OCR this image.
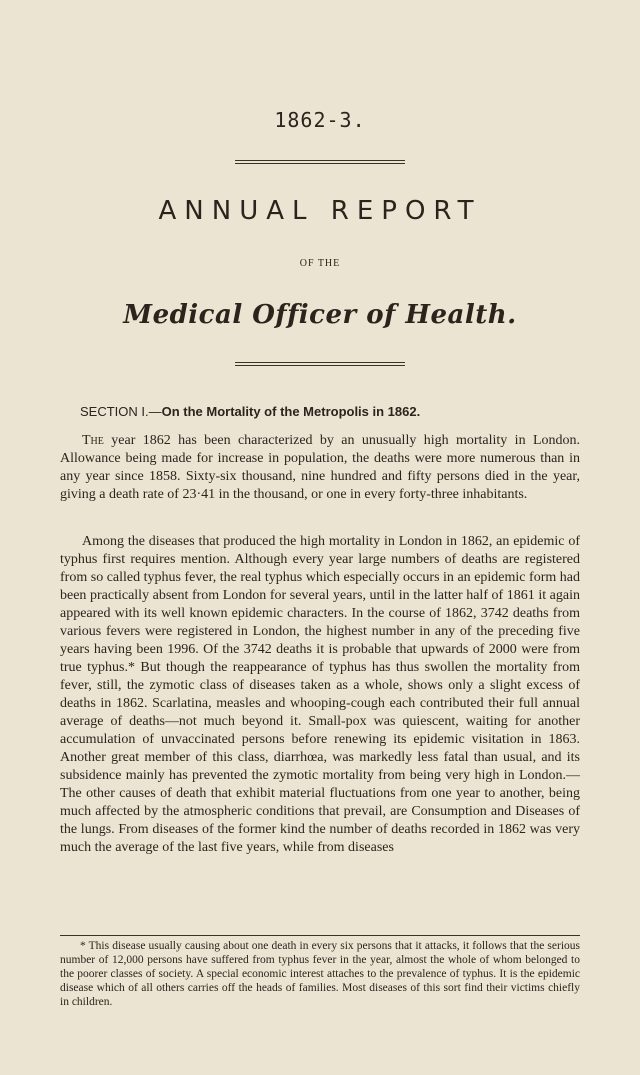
1862-3.
ANNUAL REPORT
OF THE
Medical Officer of Health.
SECTION I.—On the Mortality of the Metropolis in 1862.
The year 1862 has been characterized by an unusually high mortality in London. Allowance being made for increase in population, the deaths were more numerous than in any year since 1858. Sixty-six thousand, nine hundred and fifty persons died in the year, giving a death rate of 23·41 in the thousand, or one in every forty-three inhabitants.
Among the diseases that produced the high mortality in London in 1862, an epidemic of typhus first requires mention. Although every year large numbers of deaths are registered from so called typhus fever, the real typhus which especially occurs in an epidemic form had been practically absent from London for several years, until in the latter half of 1861 it again appeared with its well known epidemic characters. In the course of 1862, 3742 deaths from various fevers were registered in London, the highest number in any of the preceding five years having been 1996. Of the 3742 deaths it is probable that upwards of 2000 were from true typhus.* But though the reappearance of typhus has thus swollen the mortality from fever, still, the zymotic class of diseases taken as a whole, shows only a slight excess of deaths in 1862. Scarlatina, measles and whooping-cough each contributed their full annual average of deaths—not much beyond it. Small-pox was quiescent, waiting for another accumulation of unvaccinated persons before renewing its epidemic visitation in 1863. Another great member of this class, diarrhœa, was markedly less fatal than usual, and its subsidence mainly has prevented the zymotic mortality from being very high in London.—The other causes of death that exhibit material fluctuations from one year to another, being much affected by the atmospheric conditions that prevail, are Consumption and Diseases of the lungs. From diseases of the former kind the number of deaths recorded in 1862 was very much the average of the last five years, while from diseases
* This disease usually causing about one death in every six persons that it attacks, it follows that the serious number of 12,000 persons have suffered from typhus fever in the year, almost the whole of whom belonged to the poorer classes of society. A special economic interest attaches to the prevalence of typhus. It is the epidemic disease which of all others carries off the heads of families. Most diseases of this sort find their victims chiefly in children.
